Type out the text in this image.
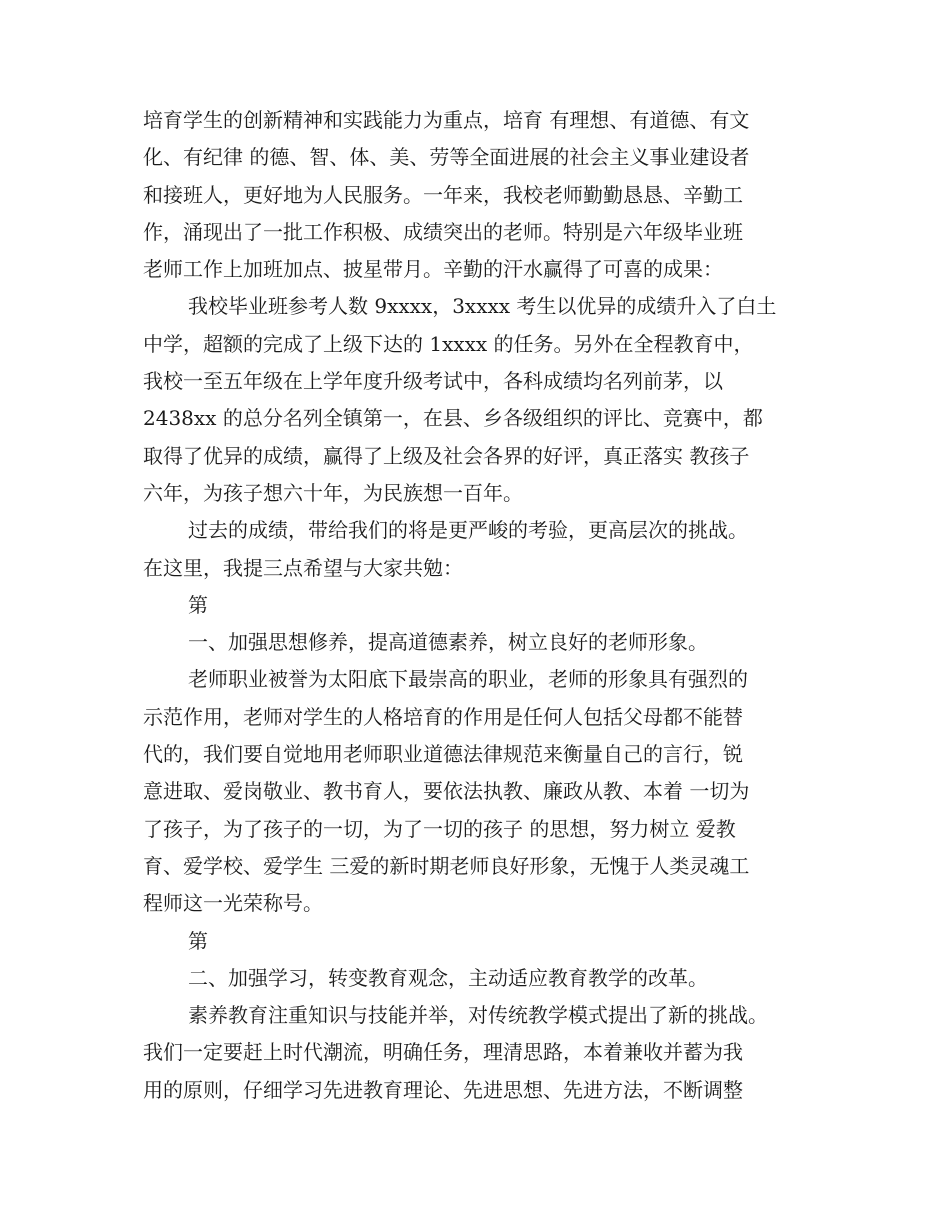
培育学生的创新精神和实践能力为重点，培育 有理想、有道德、有文
化、有纪律 的德、智、体、美、劳等全面进展的社会主义事业建设者
和接班人，更好地为人民服务。一年来，我校老师勤勤恳恳、辛勤工
作，涌现出了一批工作积极、成绩突出的老师。特别是六年级毕业班
老师工作上加班加点、披星带月。辛勤的汗水赢得了可喜的成果：
我校毕业班参考人数 9xxxx，3xxxx 考生以优异的成绩升入了白土
中学，超额的完成了上级下达的 1xxxx 的任务。另外在全程教育中，
我校一至五年级在上学年度升级考试中，各科成绩均名列前茅，以
2438xx 的总分名列全镇第一，在县、乡各级组织的评比、竞赛中，都
取得了优异的成绩，赢得了上级及社会各界的好评，真正落实 教孩子
六年，为孩子想六十年，为民族想一百年。
过去的成绩，带给我们的将是更严峻的考验，更高层次的挑战。
在这里，我提三点希望与大家共勉：
第
一、加强思想修养，提高道德素养，树立良好的老师形象。
老师职业被誉为太阳底下最崇高的职业，老师的形象具有强烈的
示范作用，老师对学生的人格培育的作用是任何人包括父母都不能替
代的，我们要自觉地用老师职业道德法律规范来衡量自己的言行，锐
意进取、爱岗敬业、教书育人，要依法执教、廉政从教、本着 一切为
了孩子，为了孩子的一切，为了一切的孩子 的思想，努力树立 爱教
育、爱学校、爱学生 三爱的新时期老师良好形象，无愧于人类灵魂工
程师这一光荣称号。
第
二、加强学习，转变教育观念，主动适应教育教学的改革。
素养教育注重知识与技能并举，对传统教学模式提出了新的挑战。
我们一定要赶上时代潮流，明确任务，理清思路，本着兼收并蓄为我
用的原则，仔细学习先进教育理论、先进思想、先进方法，不断调整
